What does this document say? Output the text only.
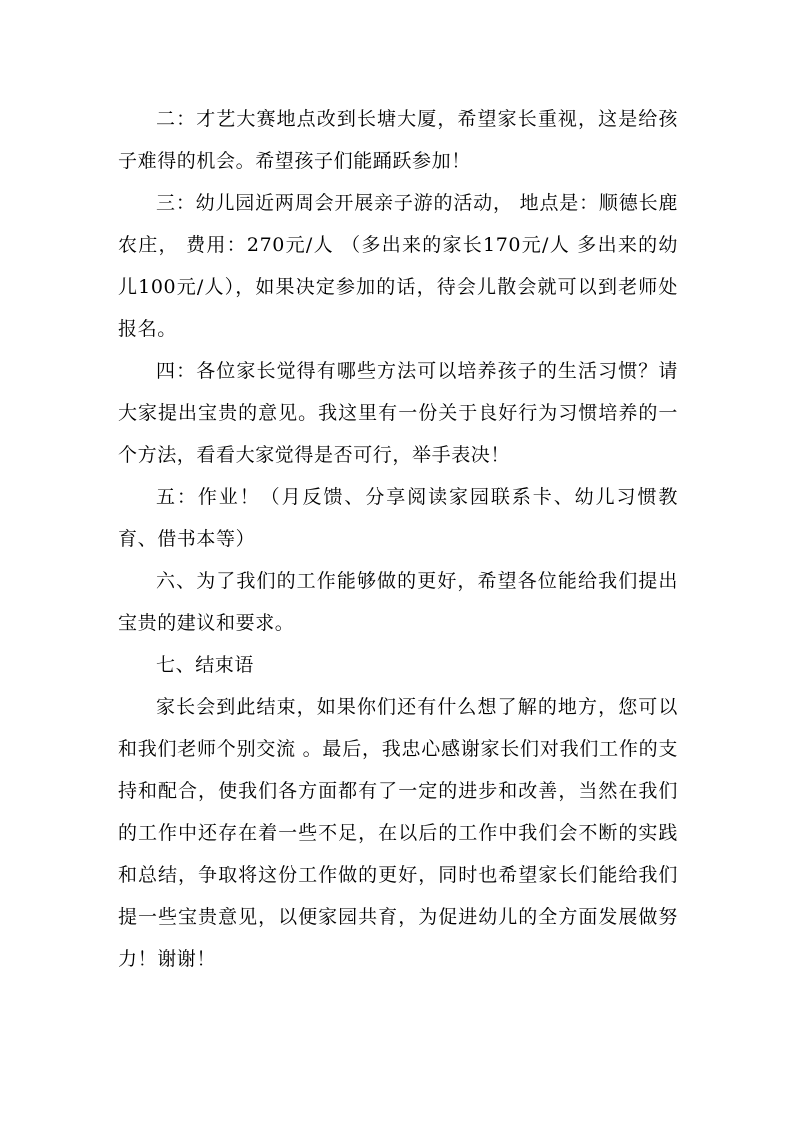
二：才艺大赛地点改到长塘大厦，希望家长重视，这是给孩子难得的机会。希望孩子们能踊跃参加！

三：幼儿园近两周会开展亲子游的活动， 地点是：顺德长鹿农庄， 费用：270元/人 （多出来的家长170元/人 多出来的幼儿100元/人），如果决定参加的话，待会儿散会就可以到老师处报名。

四：各位家长觉得有哪些方法可以培养孩子的生活习惯？请大家提出宝贵的意见。我这里有一份关于良好行为习惯培养的一个方法，看看大家觉得是否可行，举手表决！

五：作业！（月反馈、分享阅读家园联系卡、幼儿习惯教育、借书本等）

六、为了我们的工作能够做的更好，希望各位能给我们提出宝贵的建议和要求。

七、结束语

家长会到此结束，如果你们还有什么想了解的地方，您可以和我们老师个别交流 。最后，我忠心感谢家长们对我们工作的支持和配合，使我们各方面都有了一定的进步和改善，当然在我们的工作中还存在着一些不足，在以后的工作中我们会不断的实践和总结，争取将这份工作做的更好，同时也希望家长们能给我们提一些宝贵意见，以便家园共育，为促进幼儿的全方面发展做努力！谢谢！
